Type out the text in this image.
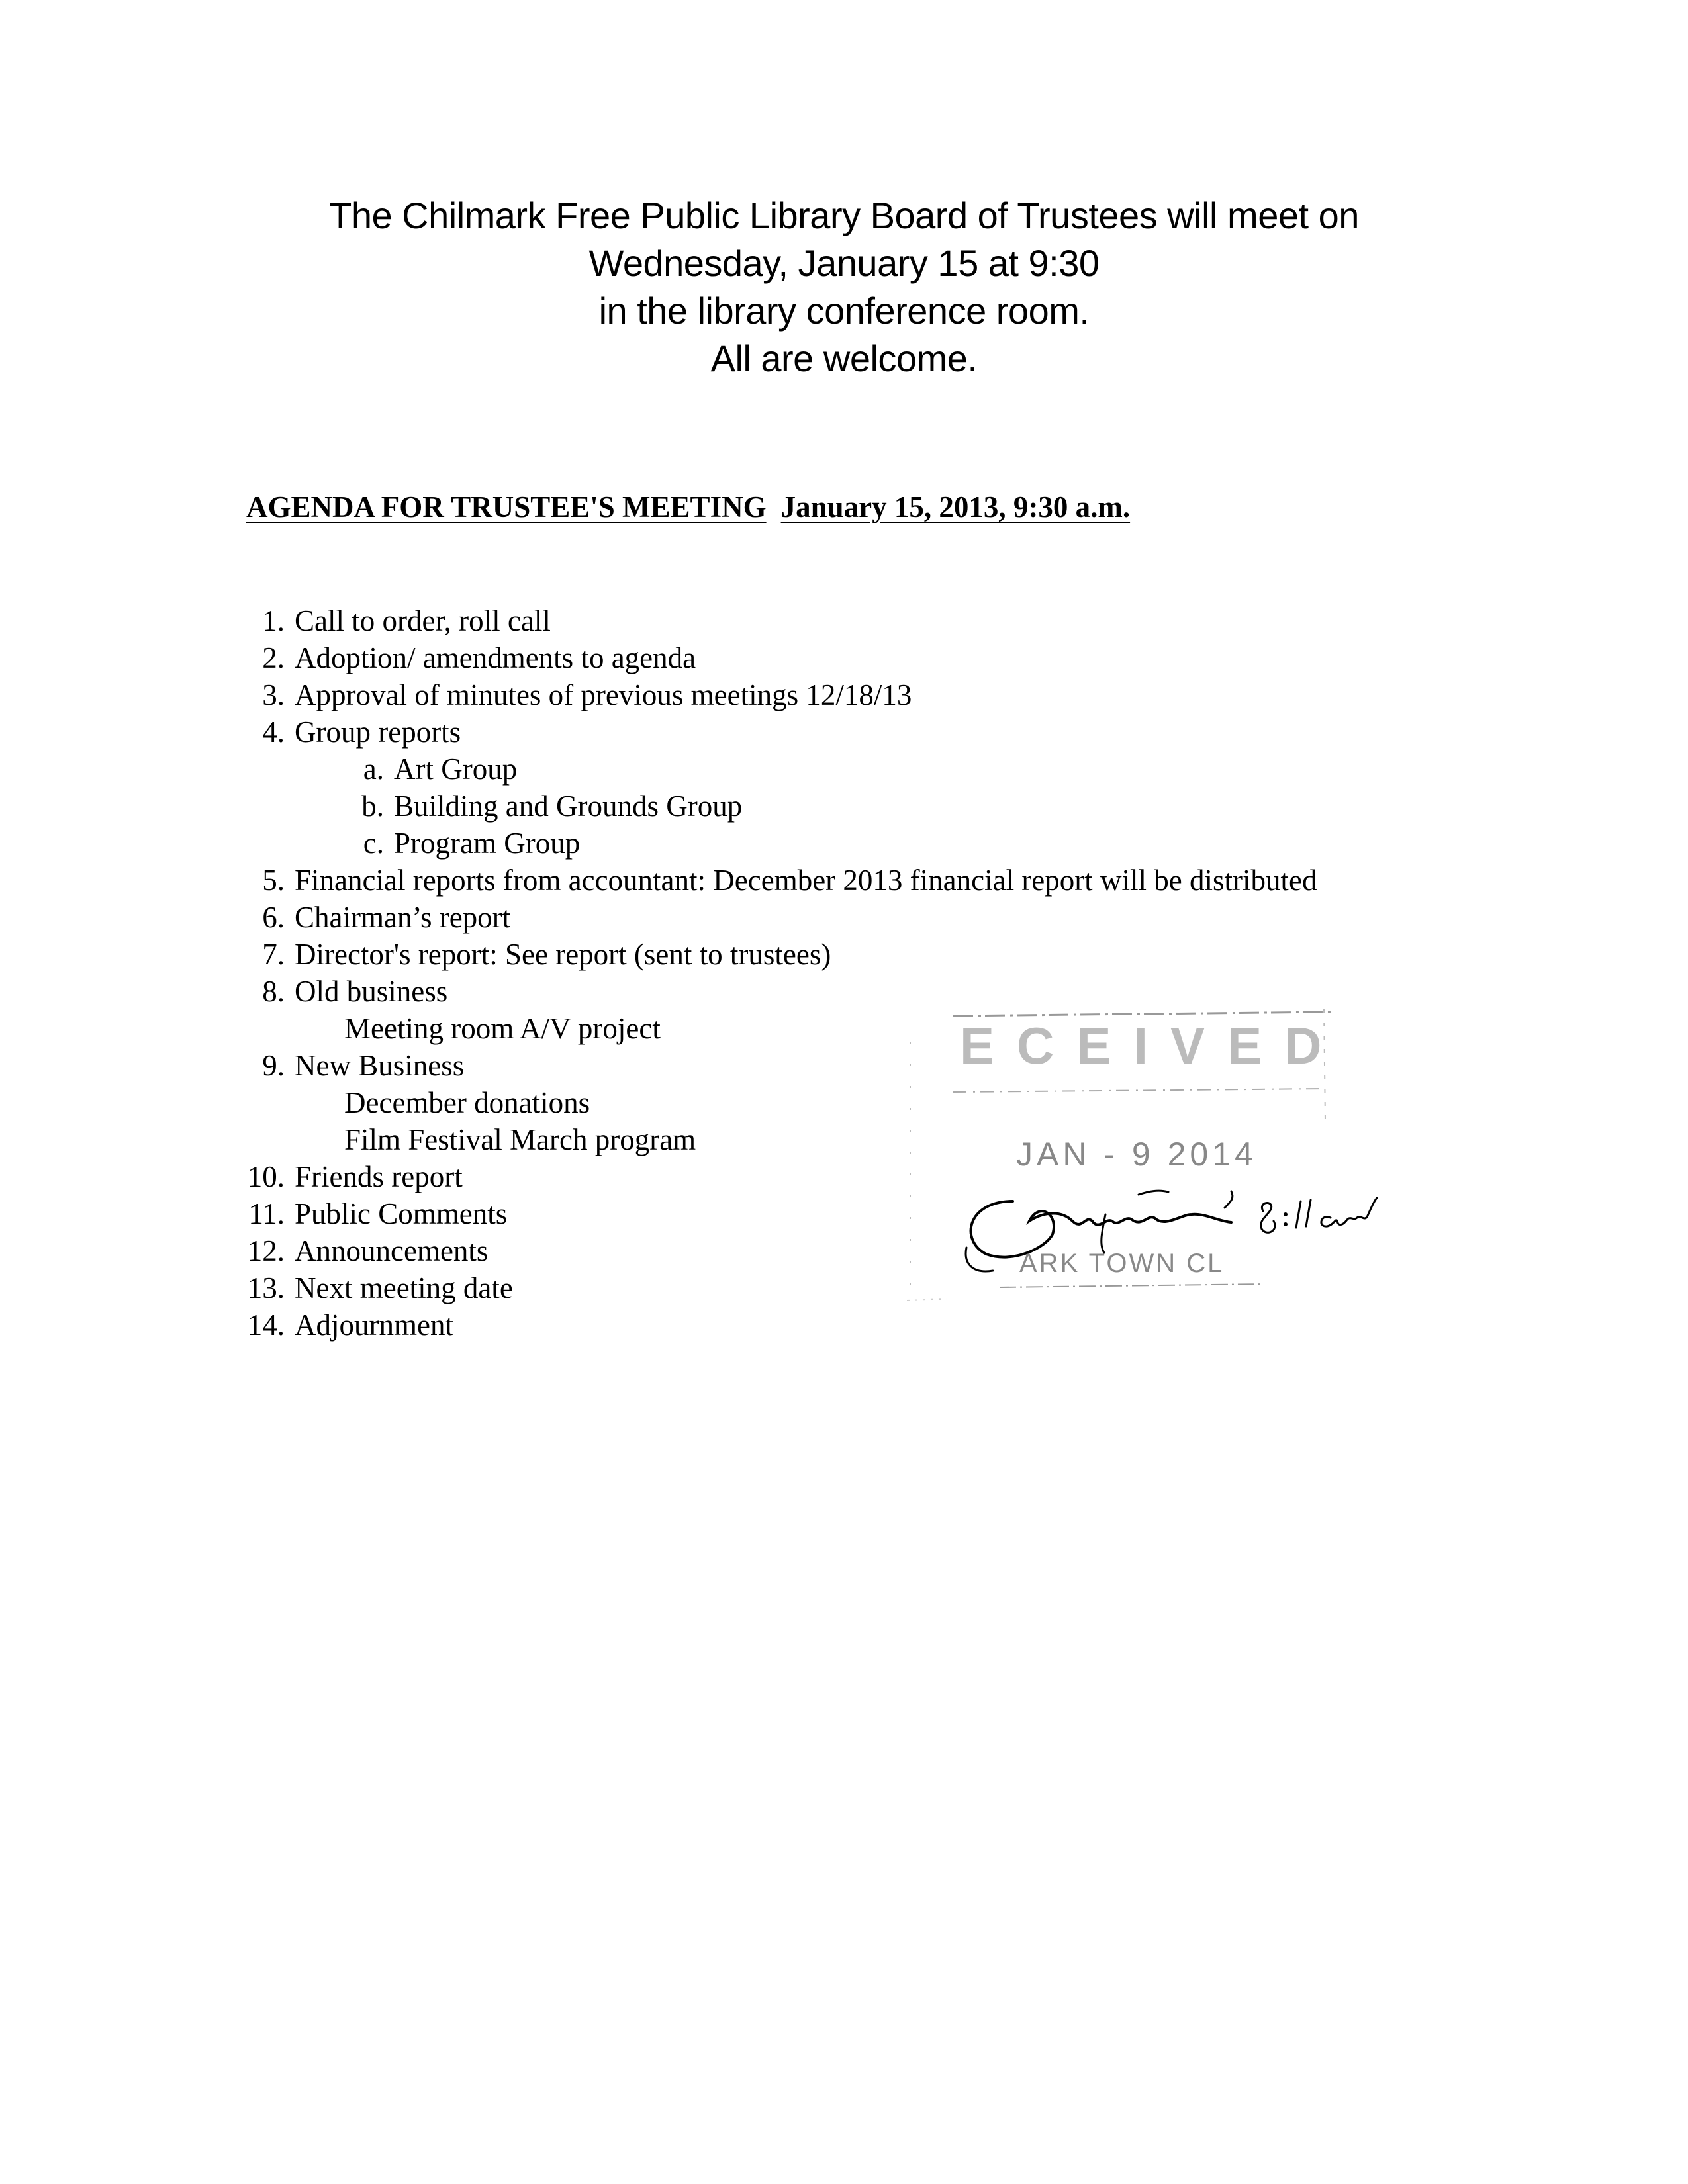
The Chilmark Free Public Library Board of Trustees will meet on
Wednesday, January 15 at 9:30
in the library conference room.
All are welcome.
AGENDA FOR TRUSTEE'S MEETING January 15, 2013, 9:30 a.m.
1. Call to order, roll call
2. Adoption/ amendments to agenda
3. Approval of minutes of previous meetings 12/18/13
4. Group reports
a. Art Group
b. Building and Grounds Group
c. Program Group
5. Financial reports from accountant: December 2013 financial report will be distributed
6. Chairman’s report
7. Director's report: See report (sent to trustees)
8. Old business
Meeting room A/V project
9. New Business
December donations
Film Festival March program
10. Friends report
11. Public Comments
12. Announcements
13. Next meeting date
14. Adjournment
ECEIVED
JAN - 9 2014
ARK TOWN CL
